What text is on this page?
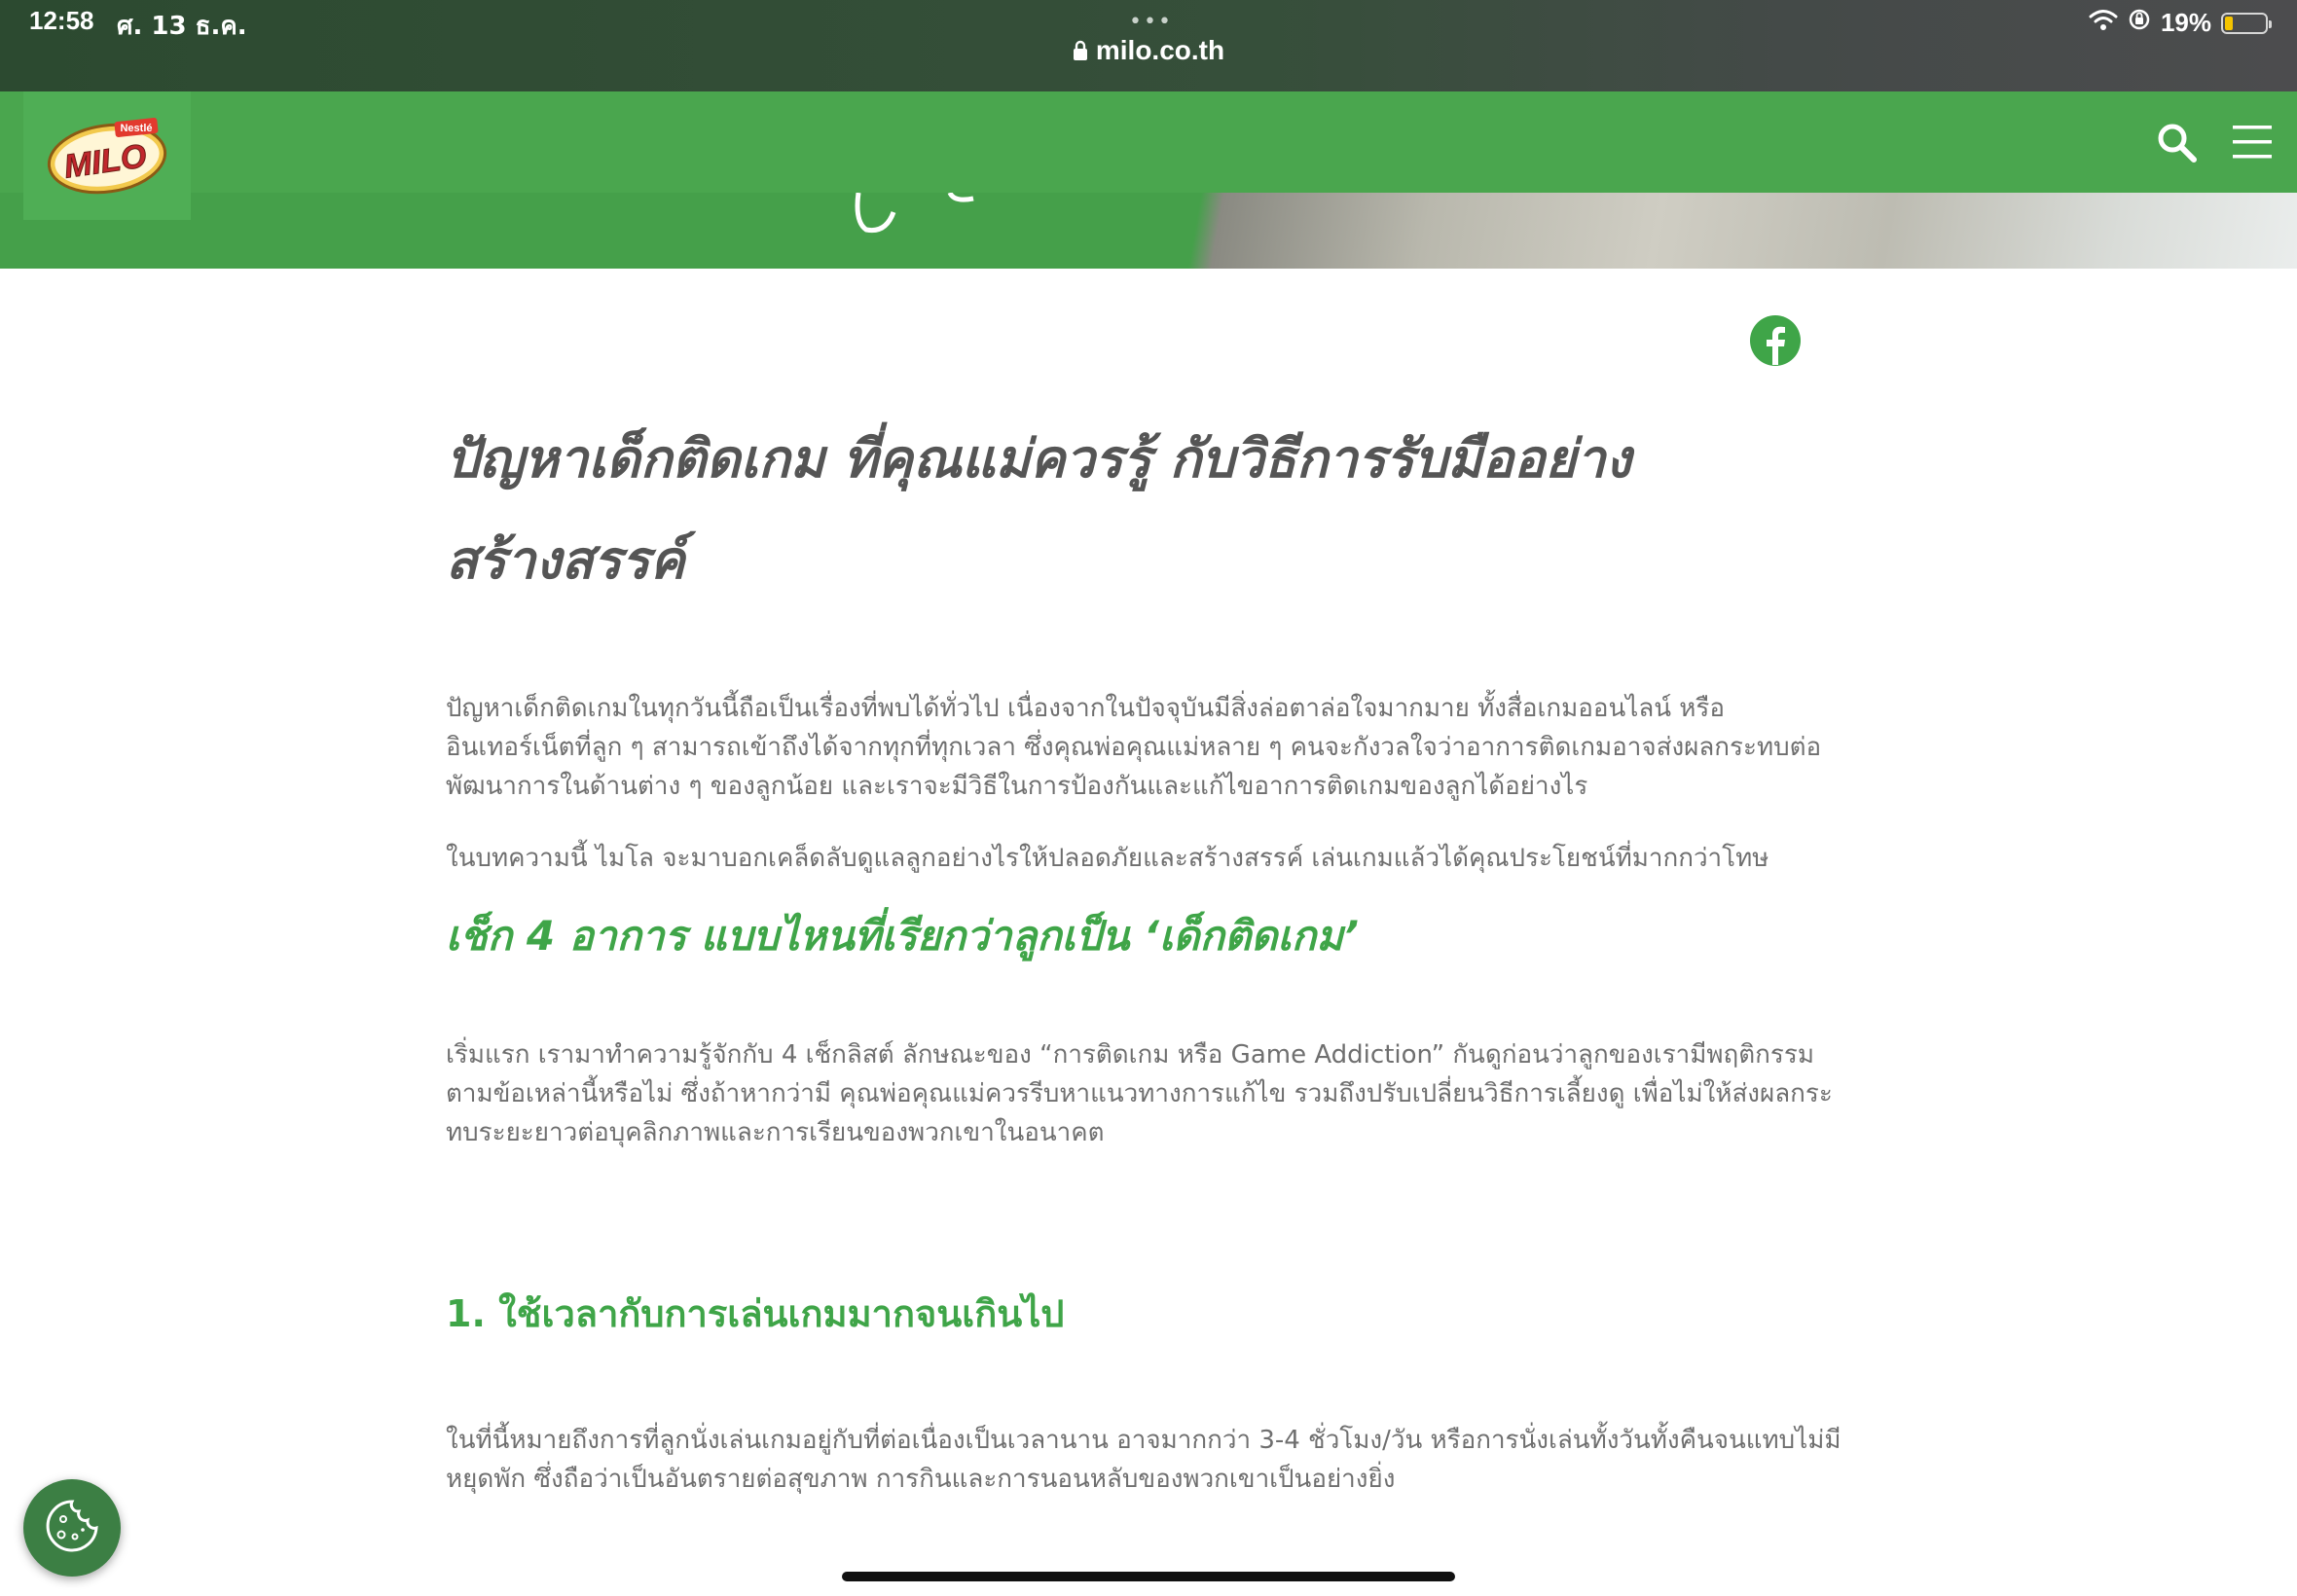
12:58 ศ. 13 ธ.ค.	•••
milo.co.th
19%
Nestlé
MILO
ปัญหาเด็กติดเกม ที่คุณแม่ควรรู้ กับวิธีการรับมืออย่างสร้างสรรค์

ปัญหาเด็กติดเกมในทุกวันนี้ถือเป็นเรื่องที่พบได้ทั่วไป เนื่องจากในปัจจุบันมีสิ่งล่อตาล่อใจมากมาย ทั้งสื่อเกมออนไลน์ หรืออินเทอร์เน็ตที่ลูก ๆ สามารถเข้าถึงได้จากทุกที่ทุกเวลา ซึ่งคุณพ่อคุณแม่หลาย ๆ คนจะกังวลใจว่าอาการติดเกมอาจส่งผลกระทบต่อพัฒนาการในด้านต่าง ๆ ของลูกน้อย และเราจะมีวิธีในการป้องกันและแก้ไขอาการติดเกมของลูกได้อย่างไร

ในบทความนี้ ไมโล จะมาบอกเคล็ดลับดูแลลูกอย่างไรให้ปลอดภัยและสร้างสรรค์ เล่นเกมแล้วได้คุณประโยชน์ที่มากกว่าโทษ

เช็ก 4 อาการ แบบไหนที่เรียกว่าลูกเป็น ‘เด็กติดเกม’

เริ่มแรก เรามาทำความรู้จักกับ 4 เช็กลิสต์ ลักษณะของ “การติดเกม หรือ Game Addiction” กันดูก่อนว่าลูกของเรามีพฤติกรรมตามข้อเหล่านี้หรือไม่ ซึ่งถ้าหากว่ามี คุณพ่อคุณแม่ควรรีบหาแนวทางการแก้ไข รวมถึงปรับเปลี่ยนวิธีการเลี้ยงดู เพื่อไม่ให้ส่งผลกระทบระยะยาวต่อบุคลิกภาพและการเรียนของพวกเขาในอนาคต

1. ใช้เวลากับการเล่นเกมมากจนเกินไป

ในที่นี้หมายถึงการที่ลูกนั่งเล่นเกมอยู่กับที่ต่อเนื่องเป็นเวลานาน อาจมากกว่า 3-4 ชั่วโมง/วัน หรือการนั่งเล่นทั้งวันทั้งคืนจนแทบไม่มีหยุดพัก ซึ่งถือว่าเป็นอันตรายต่อสุขภาพ การกินและการนอนหลับของพวกเขาเป็นอย่างยิ่ง
